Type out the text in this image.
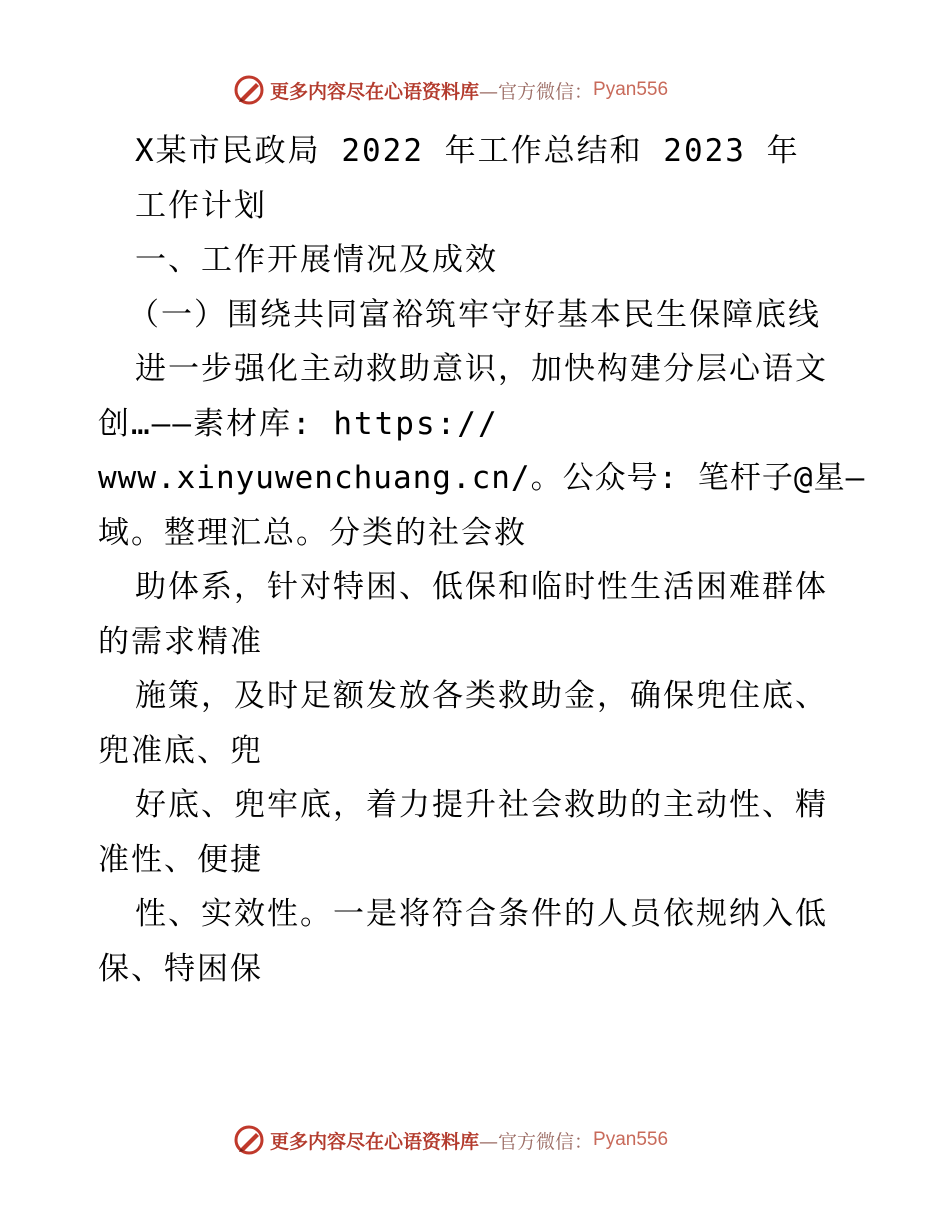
更多内容尽在心语资料库 —官方微信： Pyan556
X某市民政局 2022 年工作总结和 2023 年
工作计划
一、工作开展情况及成效
（一）围绕共同富裕筑牢守好基本民生保障底线
进一步强化主动救助意识，加快构建分层心语文
创…——素材库: https://
www.xinyuwenchuang.cn/。公众号: 笔杆子@星—
域。整理汇总。分类的社会救
助体系，针对特困、低保和临时性生活困难群体
的需求精准
施策，及时足额发放各类救助金，确保兜住底、
兜准底、兜
好底、兜牢底，着力提升社会救助的主动性、精
准性、便捷
性、实效性。一是将符合条件的人员依规纳入低
保、特困保
更多内容尽在心语资料库 —官方微信： Pyan556
